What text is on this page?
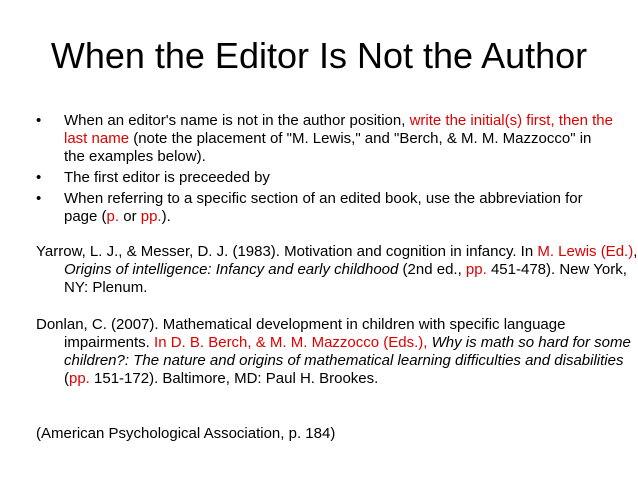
When the Editor Is Not the Author
• When an editor's name is not in the author position, write the initial(s) first, then the last name (note the placement of "M. Lewis," and "Berch, & M. M. Mazzocco" in the examples below).
• The first editor is preceeded by
• When referring to a specific section of an edited book, use the abbreviation for page (p. or pp.).
Yarrow, L. J., & Messer, D. J. (1983). Motivation and cognition in infancy. In M. Lewis (Ed.), Origins of intelligence: Infancy and early childhood (2nd ed., pp. 451-478). New York, NY: Plenum.
Donlan, C. (2007). Mathematical development in children with specific language impairments. In D. B. Berch, & M. M. Mazzocco (Eds.), Why is math so hard for some children?: The nature and origins of mathematical learning difficulties and disabilities (pp. 151-172). Baltimore, MD: Paul H. Brookes.
(American Psychological Association, p. 184)
